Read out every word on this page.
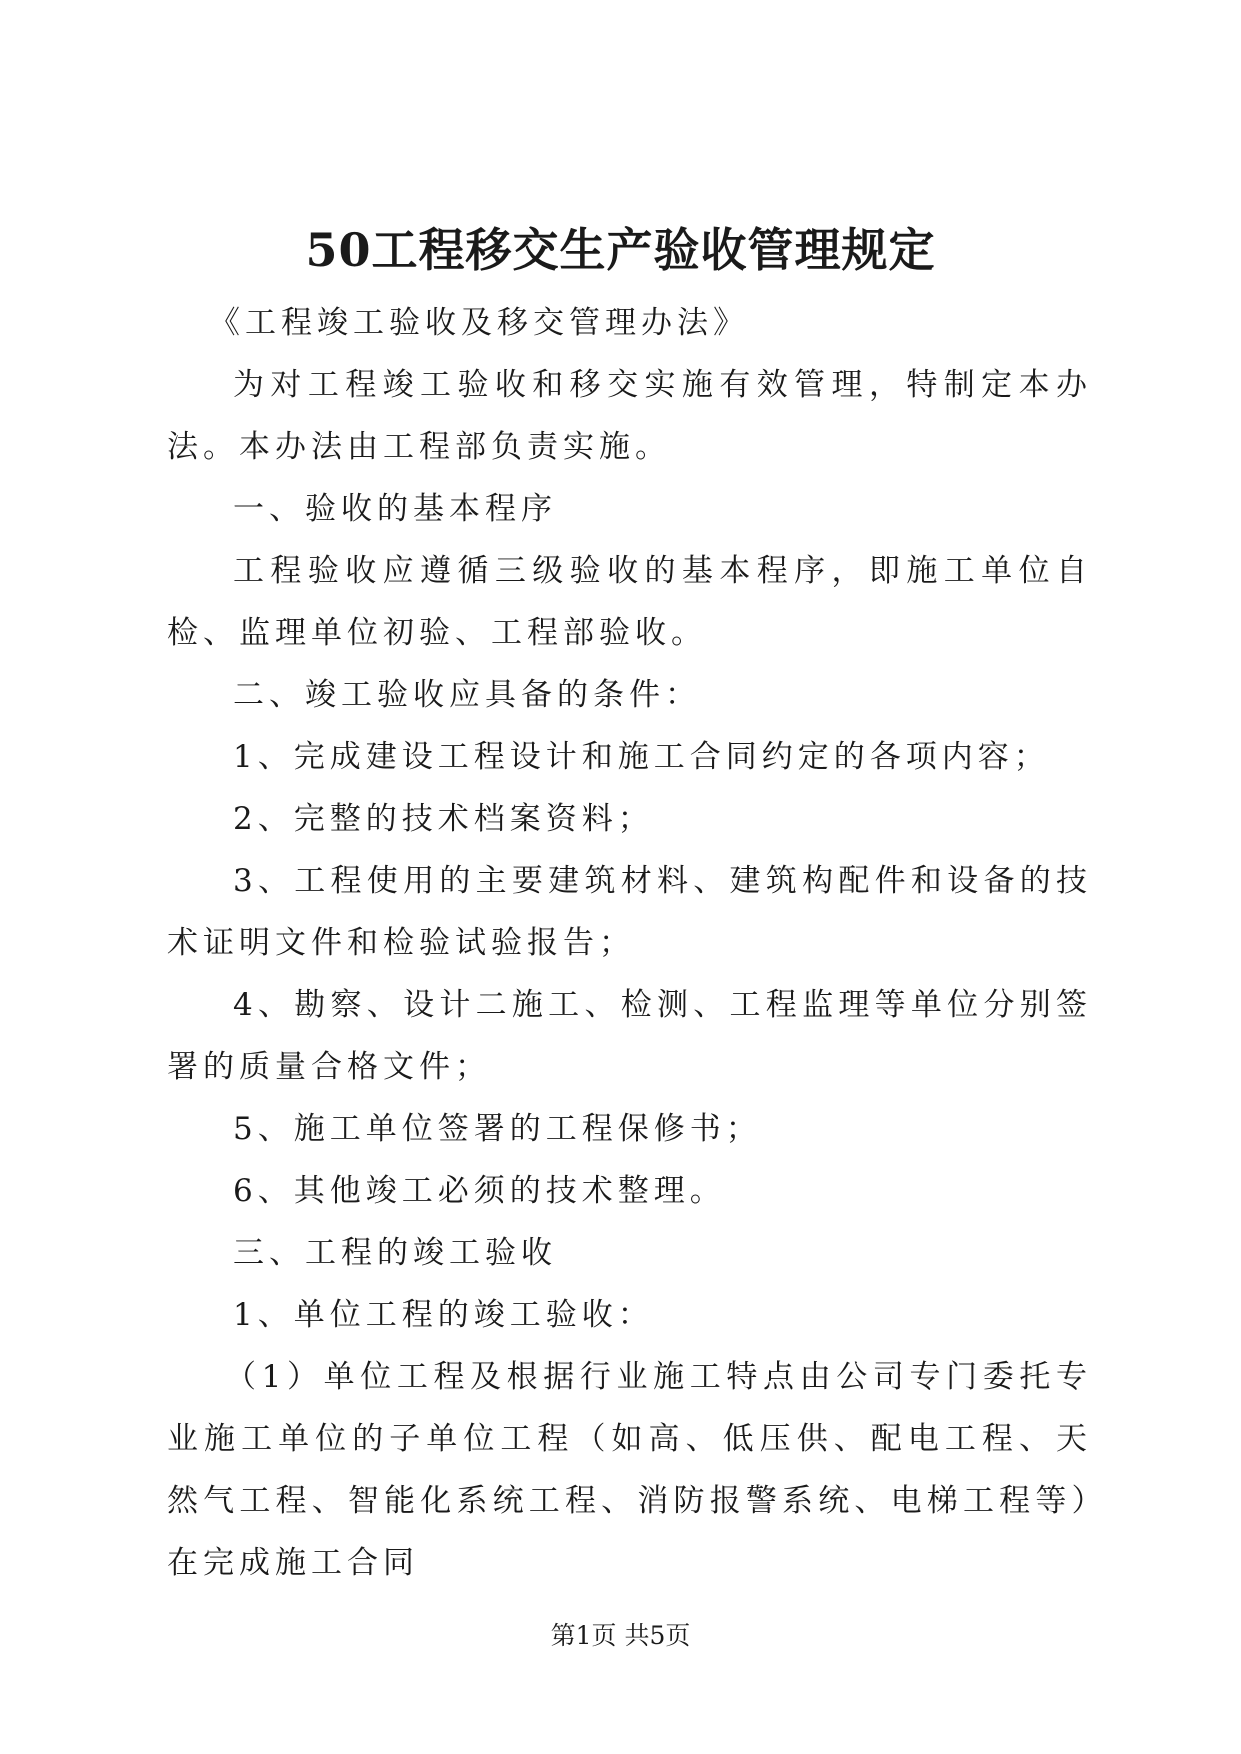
50工程移交生产验收管理规定

《工程竣工验收及移交管理办法》

为对工程竣工验收和移交实施有效管理，特制定本办法。本办法由工程部负责实施。

一、验收的基本程序

工程验收应遵循三级验收的基本程序，即施工单位自检、监理单位初验、工程部验收。

二、竣工验收应具备的条件：

1、完成建设工程设计和施工合同约定的各项内容；

2、完整的技术档案资料；

3、工程使用的主要建筑材料、建筑构配件和设备的技术证明文件和检验试验报告；

4、勘察、设计二施工、检测、工程监理等单位分别签署的质量合格文件；

5、施工单位签署的工程保修书；

6、其他竣工必须的技术整理。

三、工程的竣工验收

1、单位工程的竣工验收：

（1）单位工程及根据行业施工特点由公司专门委托专业施工单位的子单位工程（如高、低压供、配电工程、天然气工程、智能化系统工程、消防报警系统、电梯工程等）在完成施工合同

第1页 共5页
